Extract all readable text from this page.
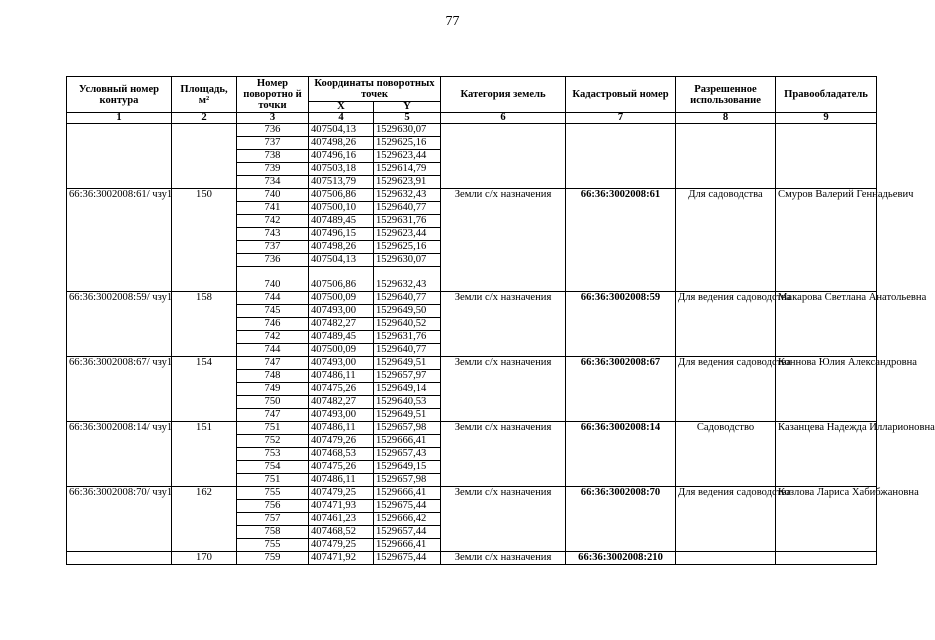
77
Условный номер контура	Площадь, м²	Номер поворотно й точки	Координаты поворотных точек		Категория земель	Кадастровый номер	Разрешенное использование	Правообладатель
			X	Y				
1	2	3	4	5	6	7	8	9
		736	407504,13	1529630,07				
		737	407498,26	1529625,16				
		738	407496,16	1529623,44				
		739	407503,18	1529614,79				
		734	407513,79	1529623,91				
66:36:3002008:61/ чзу1	150	740	407506,86	1529632,43	Земли с/х назначения	66:36:3002008:61	Для садоводства	Смуров Валерий Геннадьевич
		741	407500,10	1529640,77				
		742	407489,45	1529631,76				
		743	407496,15	1529623,44				
		737	407498,26	1529625,16				
		736	407504,13	1529630,07				
		740	407506,86	1529632,43				
66:36:3002008:59/ чзу1	158	744	407500,09	1529640,77	Земли с/х назначения	66:36:3002008:59	Для ведения садоводства	Макарова Светлана Анатольевна
		745	407493,00	1529649,50				
		746	407482,27	1529640,52				
		742	407489,45	1529631,76				
		744	407500,09	1529640,77				
66:36:3002008:67/ чзу1	154	747	407493,00	1529649,51	Земли с/х назначения	66:36:3002008:67	Для ведения садоводства	Коннова Юлия Александровна
		748	407486,11	1529657,97				
		749	407475,26	1529649,14				
		750	407482,27	1529640,53				
		747	407493,00	1529649,51				
66:36:3002008:14/ чзу1	151	751	407486,11	1529657,98	Земли с/х назначения	66:36:3002008:14	Садоводство	Казанцева Надежда Илларионовна
		752	407479,26	1529666,41				
		753	407468,53	1529657,43				
		754	407475,26	1529649,15				
		751	407486,11	1529657,98				
66:36:3002008:70/ чзу1	162	755	407479,25	1529666,41	Земли с/х назначения	66:36:3002008:70	Для ведения садоводства	Козлова Лариса Хабибжановна
		756	407471,93	1529675,44				
		757	407461,23	1529666,42				
		758	407468,52	1529657,44				
		755	407479,25	1529666,41				
	170	759	407471,92	1529675,44	Земли с/х назначения	66:36:3002008:210		
